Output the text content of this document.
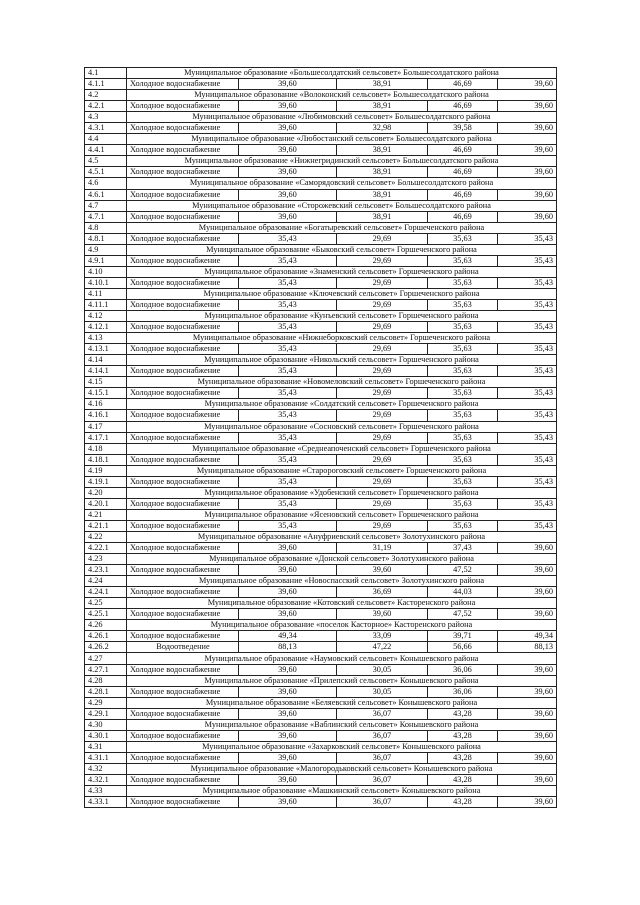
4.1	Муниципальное образование «Большесолдатский сельсовет» Большесолдатского района				
4.1.1	Холодное водоснабжение	39,60	38,91	46,69	39,60
4.2	Муниципальное образование «Волоконский сельсовет» Большесолдатского района				
4.2.1	Холодное водоснабжение	39,60	38,91	46,69	39,60
4.3	Муниципальное образование «Любимовский сельсовет» Большесолдатского района				
4.3.1	Холодное водоснабжение	39,60	32,98	39,58	39,60
4.4	Муниципальное образование «Любостанский сельсовет» Большесолдатского района				
4.4.1	Холодное водоснабжение	39,60	38,91	46,69	39,60
4.5	Муниципальное образование «Нижнегридинский сельсовет» Большесолдатского района				
4.5.1	Холодное водоснабжение	39,60	38,91	46,69	39,60
4.6	Муниципальное образование «Саморядовский сельсовет» Большесолдатского района				
4.6.1	Холодное водоснабжение	39,60	38,91	46,69	39,60
4.7	Муниципальное образование «Сторожевский сельсовет» Большесолдатского района				
4.7.1	Холодное водоснабжение	39,60	38,91	46,69	39,60
4.8	Муниципальное образование «Богатыревский сельсовет» Горшеченского района				
4.8.1	Холодное водоснабжение	35,43	29,69	35,63	35,43
4.9	Муниципальное образование «Быковский сельсовет» Горшеченского района				
4.9.1	Холодное водоснабжение	35,43	29,69	35,63	35,43
4.10	Муниципальное образование «Знаменский сельсовет» Горшеченского района				
4.10.1	Холодное водоснабжение	35,43	29,69	35,63	35,43
4.11	Муниципальное образование «Ключевский сельсовет» Горшеченского района				
4.11.1	Холодное водоснабжение	35,43	29,69	35,63	35,43
4.12	Муниципальное образование «Кунъевский сельсовет» Горшеченского района				
4.12.1	Холодное водоснабжение	35,43	29,69	35,63	35,43
4.13	Муниципальное образование «Нижнеборковский сельсовет» Горшеченского района				
4.13.1	Холодное водоснабжение	35,43	29,69	35,63	35,43
4.14	Муниципальное образование «Никольский сельсовет» Горшеченского района				
4.14.1	Холодное водоснабжение	35,43	29,69	35,63	35,43
4.15	Муниципальное образование «Новомеловский сельсовет» Горшеченского района				
4.15.1	Холодное водоснабжение	35,43	29,69	35,63	35,43
4.16	Муниципальное образование «Солдатский сельсовет» Горшеченского района				
4.16.1	Холодное водоснабжение	35,43	29,69	35,63	35,43
4.17	Муниципальное образование «Сосновский сельсовет» Горшеченского района				
4.17.1	Холодное водоснабжение	35,43	29,69	35,63	35,43
4.18	Муниципальное образование «Среднеапоченский сельсовет» Горшеченского района				
4.18.1	Холодное водоснабжение	35,43	29,69	35,63	35,43
4.19	Муниципальное образование «Старороговский сельсовет» Горшеченского района				
4.19.1	Холодное водоснабжение	35,43	29,69	35,63	35,43
4.20	Муниципальное образование «Удобенский сельсовет» Горшеченского района				
4.20.1	Холодное водоснабжение	35,43	29,69	35,63	35,43
4.21	Муниципальное образование «Ясеновский сельсовет» Горшеченского района				
4.21.1	Холодное водоснабжение	35,43	29,69	35,63	35,43
4.22	Муниципальное образование «Ануфриевский сельсовет» Золотухинского района				
4.22.1	Холодное водоснабжение	39,60	31,19	37,43	39,60
4.23	Муниципальное образование «Донской сельсовет» Золотухинского района				
4.23.1	Холодное водоснабжение	39,60	39,60	47,52	39,60
4.24	Муниципальное образование «Новоспасский сельсовет» Золотухинского района				
4.24.1	Холодное водоснабжение	39,60	36,69	44,03	39,60
4.25	Муниципальное образование «Котовский сельсовет» Касторенского района				
4.25.1	Холодное водоснабжение	39,60	39,60	47,52	39,60
4.26	Муниципальное образование «поселок Касторное» Касторенского района				
4.26.1	Холодное водоснабжение	49,34	33,09	39,71	49,34
4.26.2	Водоотведение	88,13	47,22	56,66	88,13
4.27	Муниципальное образование «Наумовский сельсовет» Конышевского района				
4.27.1	Холодное водоснабжение	39,60	30,05	36,06	39,60
4.28	Муниципальное образование «Прилепский сельсовет» Конышевского района				
4.28.1	Холодное водоснабжение	39,60	30,05	36,06	39,60
4.29	Муниципальное образование «Беляевский сельсовет» Конышевского района				
4.29.1	Холодное водоснабжение	39,60	36,07	43,28	39,60
4.30	Муниципальное образование «Ваблинский сельсовет» Конышевского района				
4.30.1	Холодное водоснабжение	39,60	36,07	43,28	39,60
4.31	Муниципальное образование «Захарковский сельсовет» Конышевского района				
4.31.1	Холодное водоснабжение	39,60	36,07	43,28	39,60
4.32	Муниципальное образование «Малогородьковский сельсовет» Конышевского района				
4.32.1	Холодное водоснабжение	39,60	36,07	43,28	39,60
4.33	Муниципальное образование «Машкинский сельсовет» Конышевского района				
4.33.1	Холодное водоснабжение	39,60	36,07	43,28	39,60
